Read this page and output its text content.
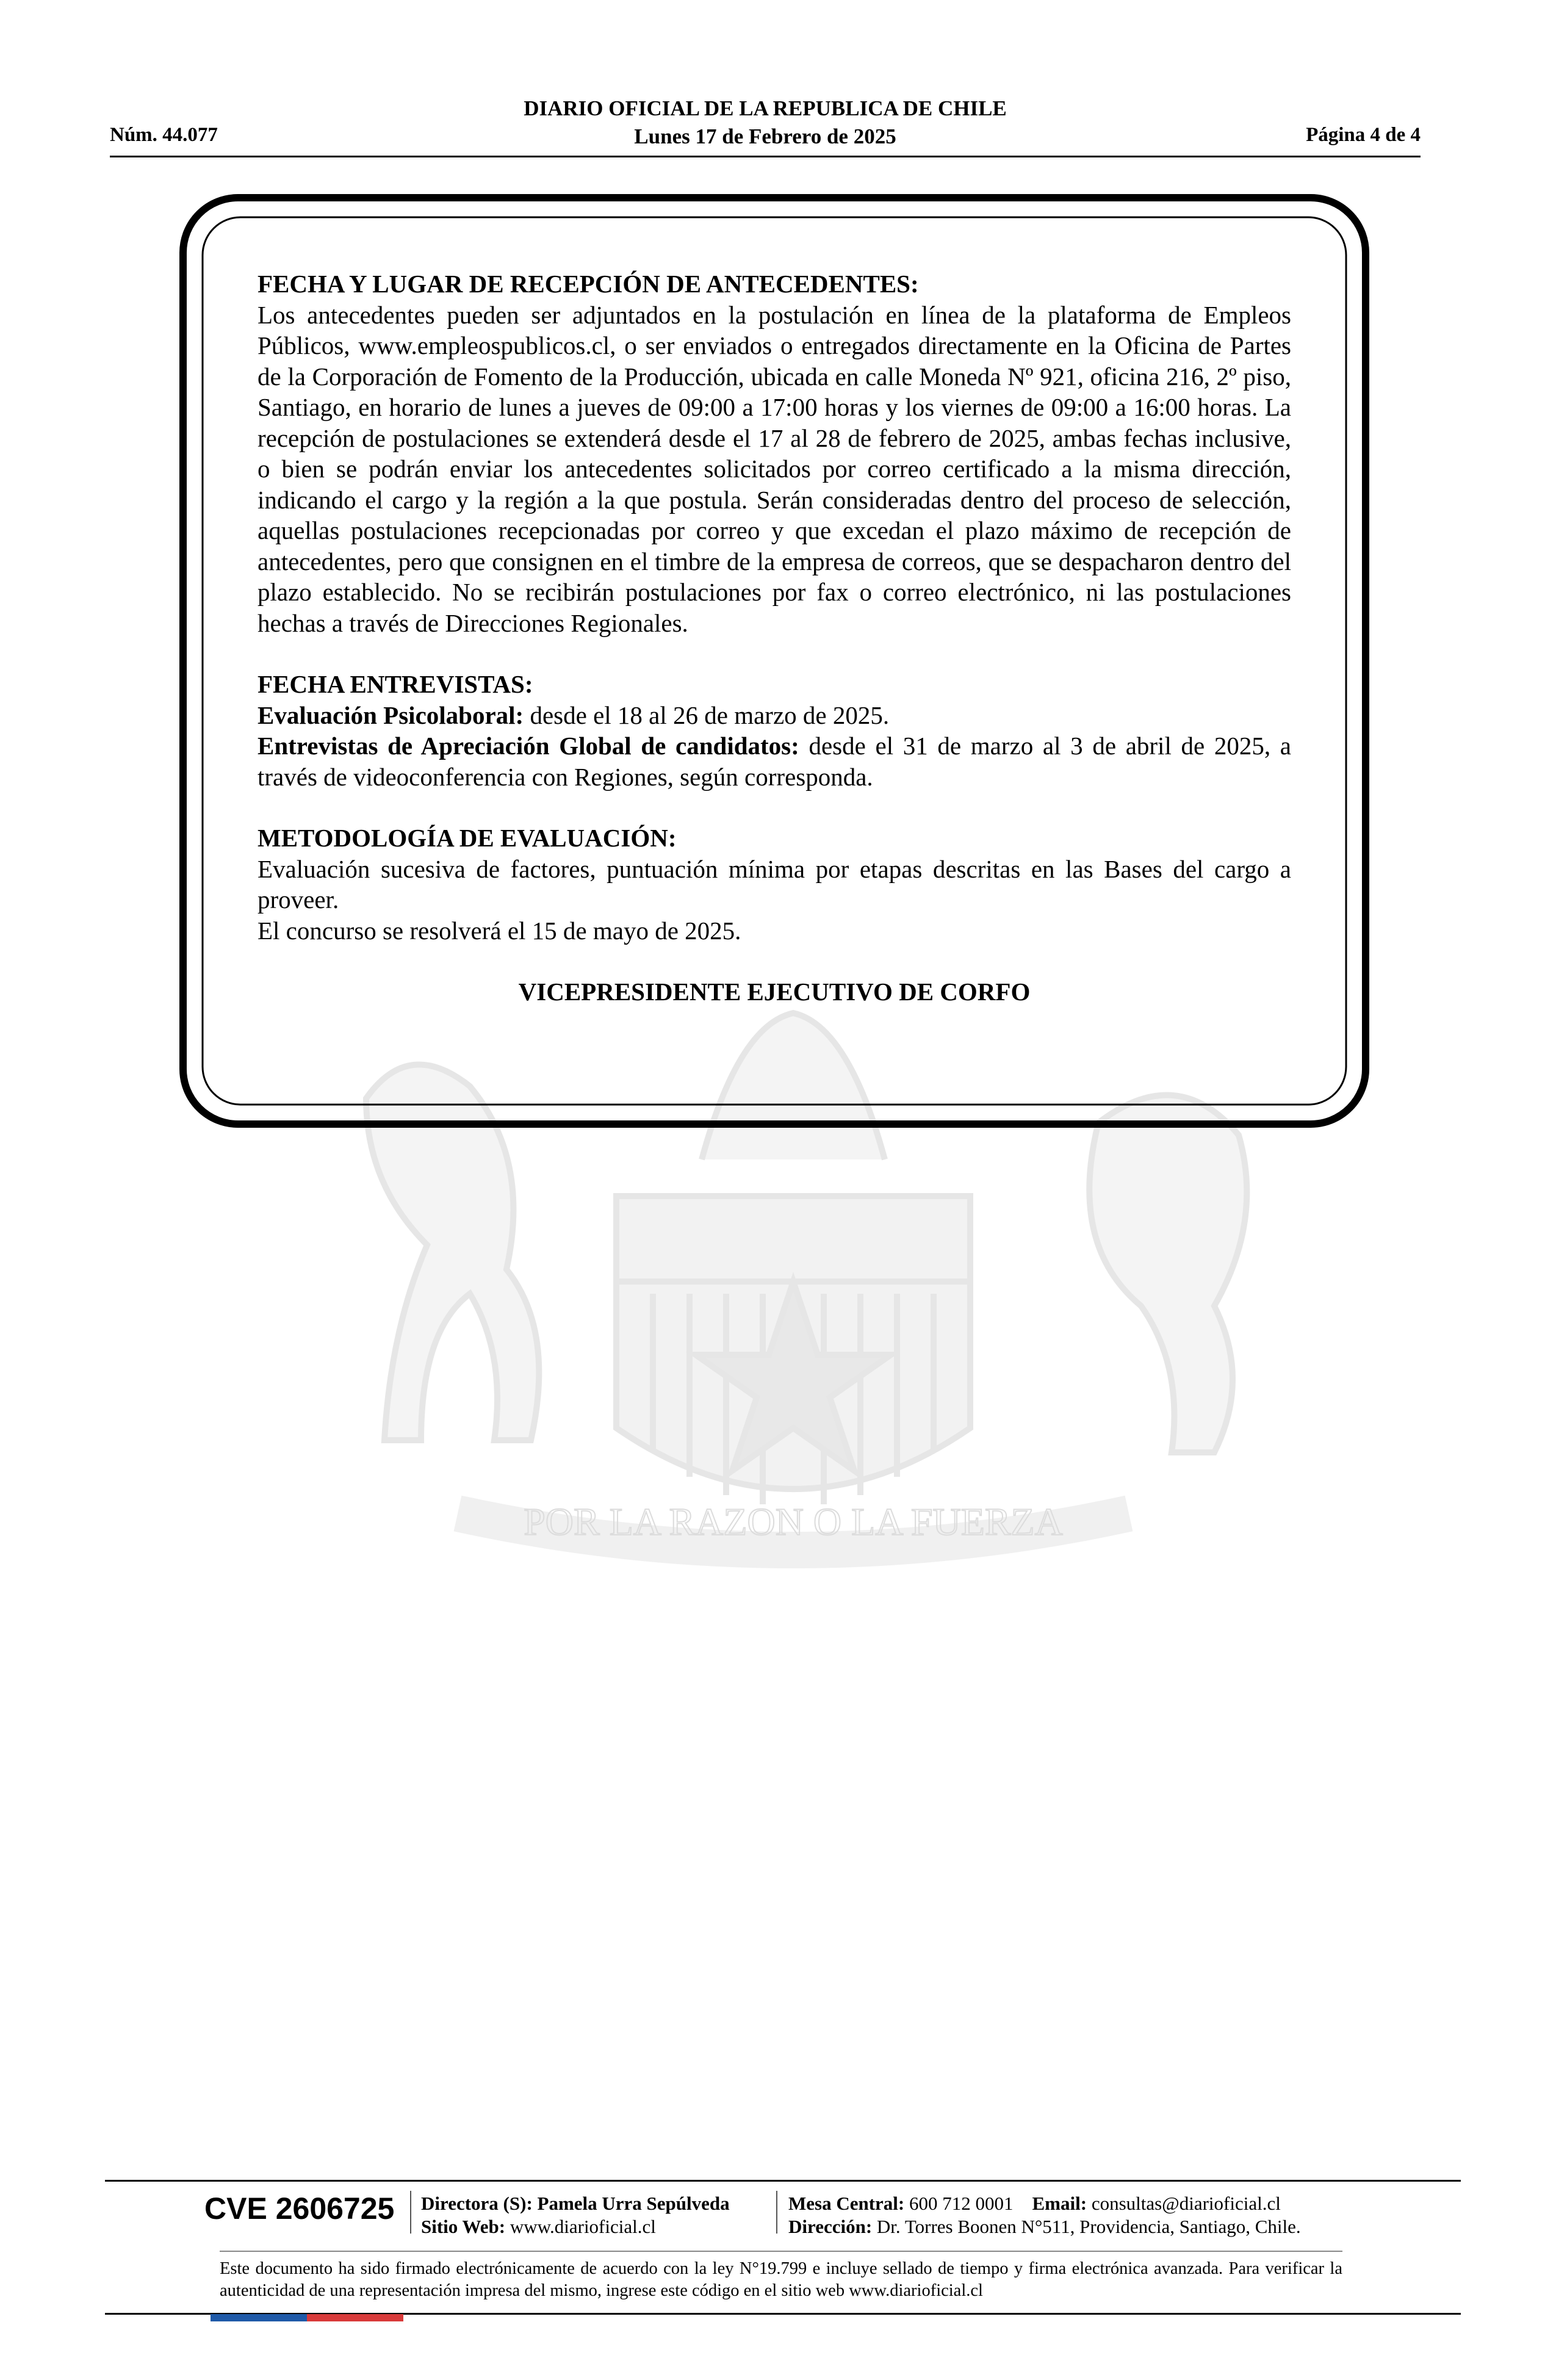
Núm. 44.077
DIARIO OFICIAL DE LA REPUBLICA DE CHILE
Lunes 17 de Febrero de 2025	Página 4 de 4
POR LA RAZON O LA FUERZA

FECHA Y LUGAR DE RECEPCIÓN DE ANTECEDENTES:

Los antecedentes pueden ser adjuntados en la postulación en línea de la plataforma de Empleos Públicos, www.empleospublicos.cl, o ser enviados o entregados directamente en la Oficina de Partes de la Corporación de Fomento de la Producción, ubicada en calle Moneda Nº 921, oficina 216, 2º piso, Santiago, en horario de lunes a jueves de 09:00 a 17:00 horas y los viernes de 09:00 a 16:00 horas. La recepción de postulaciones se extenderá desde el 17 al 28 de febrero de 2025, ambas fechas inclusive, o bien se podrán enviar los antecedentes solicitados por correo certificado a la misma dirección, indicando el cargo y la región a la que postula. Serán consideradas dentro del proceso de selección, aquellas postulaciones recepcionadas por correo y que excedan el plazo máximo de recepción de antecedentes, pero que consignen en el timbre de la empresa de correos, que se despacharon dentro del plazo establecido. No se recibirán postulaciones por fax o correo electrónico, ni las postulaciones hechas a través de Direcciones Regionales.

FECHA ENTREVISTAS:

Evaluación Psicolaboral: desde el 18 al 26 de marzo de 2025.

Entrevistas de Apreciación Global de candidatos: desde el 31 de marzo al 3 de abril de 2025, a través de videoconferencia con Regiones, según corresponda.

METODOLOGÍA DE EVALUACIÓN:

Evaluación sucesiva de factores, puntuación mínima por etapas descritas en las Bases del cargo a proveer.

El concurso se resolverá el 15 de mayo de 2025.

VICEPRESIDENTE EJECUTIVO DE CORFO

CVE 2606725 Directora (S): Pamela Urra Sepúlveda
Sitio Web: www.diarioficial.cl
Mesa Central: 600 712 0001 Email: consultas@diarioficial.cl
Dirección: Dr. Torres Boonen N°511, Providencia, Santiago, Chile.
Este documento ha sido firmado electrónicamente de acuerdo con la ley N°19.799 e incluye sellado de tiempo y firma electrónica avanzada. Para verificar la autenticidad de una representación impresa del mismo, ingrese este código en el sitio web www.diarioficial.cl
